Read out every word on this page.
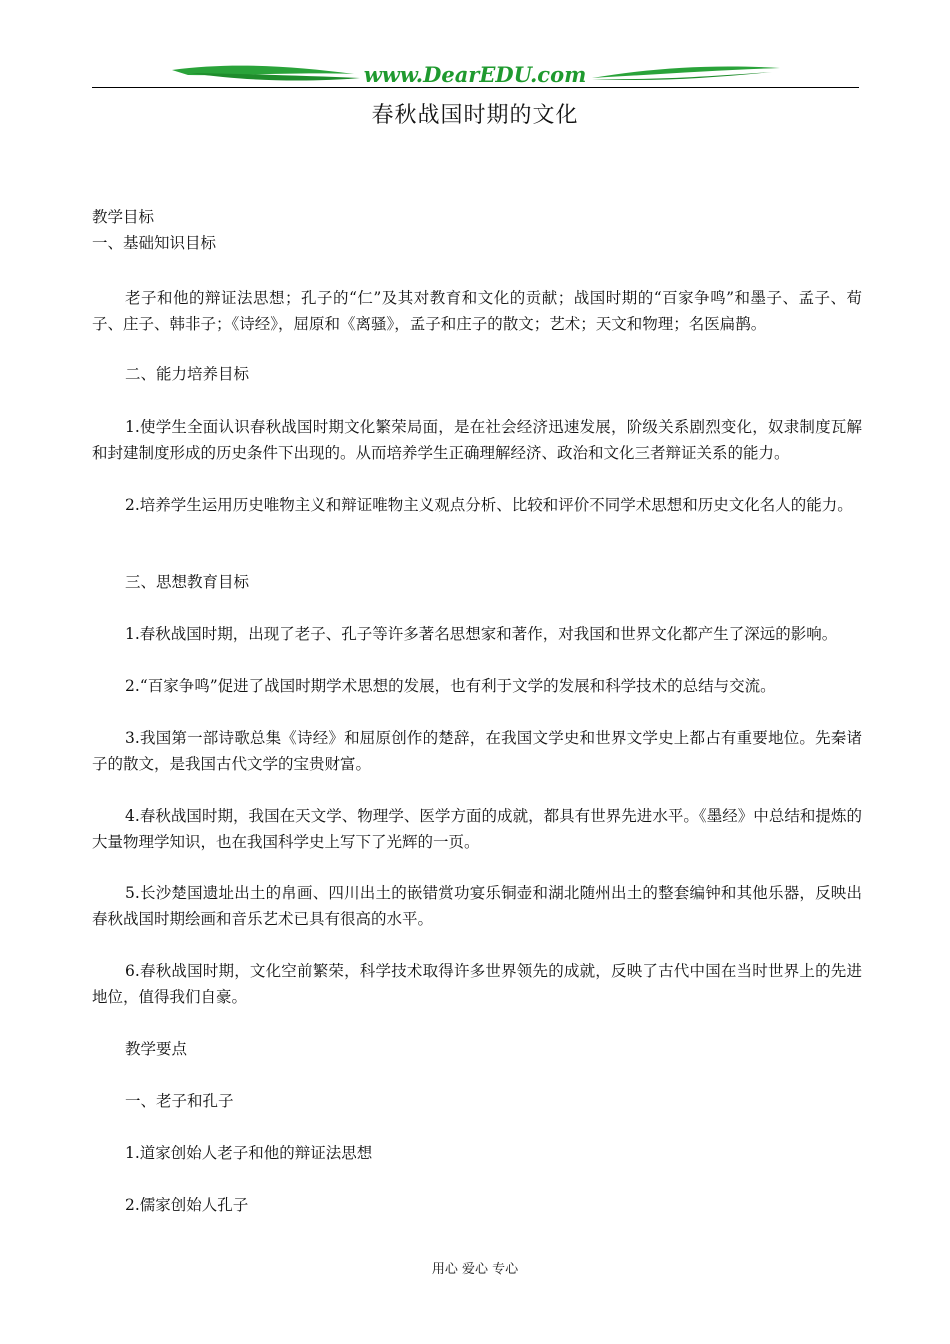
www.DearEDU.com
春秋战国时期的文化
教学目标
一、基础知识目标
老子和他的辩证法思想；孔子的“仁”及其对教育和文化的贡献；战国时期的“百家争鸣”和墨子、孟子、荀子、庄子、韩非子；《诗经》，屈原和《离骚》，孟子和庄子的散文；艺术；天文和物理；名医扁鹊。
二、能力培养目标
1.使学生全面认识春秋战国时期文化繁荣局面，是在社会经济迅速发展，阶级关系剧烈变化，奴隶制度瓦解和封建制度形成的历史条件下出现的。从而培养学生正确理解经济、政治和文化三者辩证关系的能力。
2.培养学生运用历史唯物主义和辩证唯物主义观点分析、比较和评价不同学术思想和历史文化名人的能力。
三、思想教育目标
1.春秋战国时期，出现了老子、孔子等许多著名思想家和著作，对我国和世界文化都产生了深远的影响。
2.“百家争鸣”促进了战国时期学术思想的发展，也有利于文学的发展和科学技术的总结与交流。
3.我国第一部诗歌总集《诗经》和屈原创作的楚辞，在我国文学史和世界文学史上都占有重要地位。先秦诸子的散文，是我国古代文学的宝贵财富。
4.春秋战国时期，我国在天文学、物理学、医学方面的成就，都具有世界先进水平。《墨经》中总结和提炼的大量物理学知识，也在我国科学史上写下了光辉的一页。
5.长沙楚国遗址出土的帛画、四川出土的嵌错赏功宴乐铜壶和湖北随州出土的整套编钟和其他乐器，反映出春秋战国时期绘画和音乐艺术已具有很高的水平。
6.春秋战国时期，文化空前繁荣，科学技术取得许多世界领先的成就，反映了古代中国在当时世界上的先进地位，值得我们自豪。
教学要点
一、老子和孔子
1.道家创始人老子和他的辩证法思想
2.儒家创始人孔子
用心 爱心 专心
